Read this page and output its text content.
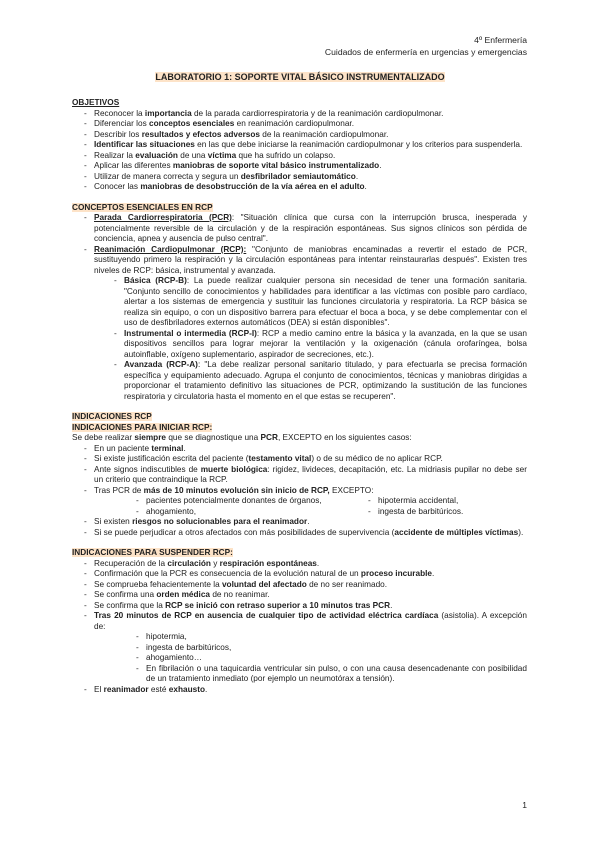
4º Enfermería
Cuidados de enfermería en urgencias y emergencias
LABORATORIO 1: SOPORTE VITAL BÁSICO INSTRUMENTALIZADO
OBJETIVOS
- Reconocer la importancia de la parada cardiorrespiratoria y de la reanimación cardiopulmonar.
- Diferenciar los conceptos esenciales en reanimación cardiopulmonar.
- Describir los resultados y efectos adversos de la reanimación cardiopulmonar.
- Identificar las situaciones en las que debe iniciarse la reanimación cardiopulmonar y los criterios para suspenderla.
- Realizar la evaluación de una víctima que ha sufrido un colapso.
- Aplicar las diferentes maniobras de soporte vital básico instrumentalizado.
- Utilizar de manera correcta y segura un desfibrilador semiautomático.
- Conocer las maniobras de desobstrucción de la vía aérea en el adulto.
CONCEPTOS ESENCIALES EN RCP
- Parada Cardiorrespiratoria (PCR): "Situación clínica que cursa con la interrupción brusca, inesperada y potencialmente reversible de la circulación y de la respiración espontáneas. Sus signos clínicos son pérdida de conciencia, apnea y ausencia de pulso central".
- Reanimación Cardiopulmonar (RCP): "Conjunto de maniobras encaminadas a revertir el estado de PCR, sustituyendo primero la respiración y la circulación espontáneas para intentar reinstaurarlas después". Existen tres niveles de RCP: básica, instrumental y avanzada.
- Básica (RCP-B): La puede realizar cualquier persona sin necesidad de tener una formación sanitaria. "Conjunto sencillo de conocimientos y habilidades para identificar a las víctimas con posible paro cardíaco, alertar a los sistemas de emergencia y sustituir las funciones circulatoria y respiratoria. La RCP básica se realiza sin equipo, o con un dispositivo barrera para efectuar el boca a boca, y se debe complementar con el uso de desfibriladores externos automáticos (DEA) si están disponibles".
- Instrumental o intermedia (RCP-I): RCP a medio camino entre la básica y la avanzada, en la que se usan dispositivos sencillos para lograr mejorar la ventilación y la oxigenación (cánula orofaríngea, bolsa autoinflable, oxígeno suplementario, aspirador de secreciones, etc.).
- Avanzada (RCP-A): "La debe realizar personal sanitario titulado, y para efectuarla se precisa formación específica y equipamiento adecuado. Agrupa el conjunto de conocimientos, técnicas y maniobras dirigidas a proporcionar el tratamiento definitivo las situaciones de PCR, optimizando la sustitución de las funciones respiratoria y circulatoria hasta el momento en el que estas se recuperen".
INDICACIONES RCP
INDICACIONES PARA INICIAR RCP:
Se debe realizar siempre que se diagnostique una PCR, EXCEPTO en los siguientes casos:
- En un paciente terminal.
- Si existe justificación escrita del paciente (testamento vital) o de su médico de no aplicar RCP.
- Ante signos indiscutibles de muerte biológica: rigidez, livideces, decapitación, etc. La midriasis pupilar no debe ser un criterio que contraindique la RCP.
- Tras PCR de más de 10 minutos evolución sin inicio de RCP, EXCEPTO:
- pacientes potencialmente donantes de órganos,
- ahogamiento,
- hipotermia accidental,
- ingesta de barbitúricos.
- Si existen riesgos no solucionables para el reanimador.
- Si se puede perjudicar a otros afectados con más posibilidades de supervivencia (accidente de múltiples víctimas).
INDICACIONES PARA SUSPENDER RCP:
- Recuperación de la circulación y respiración espontáneas.
- Confirmación que la PCR es consecuencia de la evolución natural de un proceso incurable.
- Se comprueba fehacientemente la voluntad del afectado de no ser reanimado.
- Se confirma una orden médica de no reanimar.
- Se confirma que la RCP se inició con retraso superior a 10 minutos tras PCR.
- Tras 20 minutos de RCP en ausencia de cualquier tipo de actividad eléctrica cardíaca (asistolia). A excepción de:
- hipotermia,
- ingesta de barbitúricos,
- ahogamiento…
- En fibrilación o una taquicardia ventricular sin pulso, o con una causa desencadenante con posibilidad de un tratamiento inmediato (por ejemplo un neumotórax a tensión).
- El reanimador esté exhausto.
1
